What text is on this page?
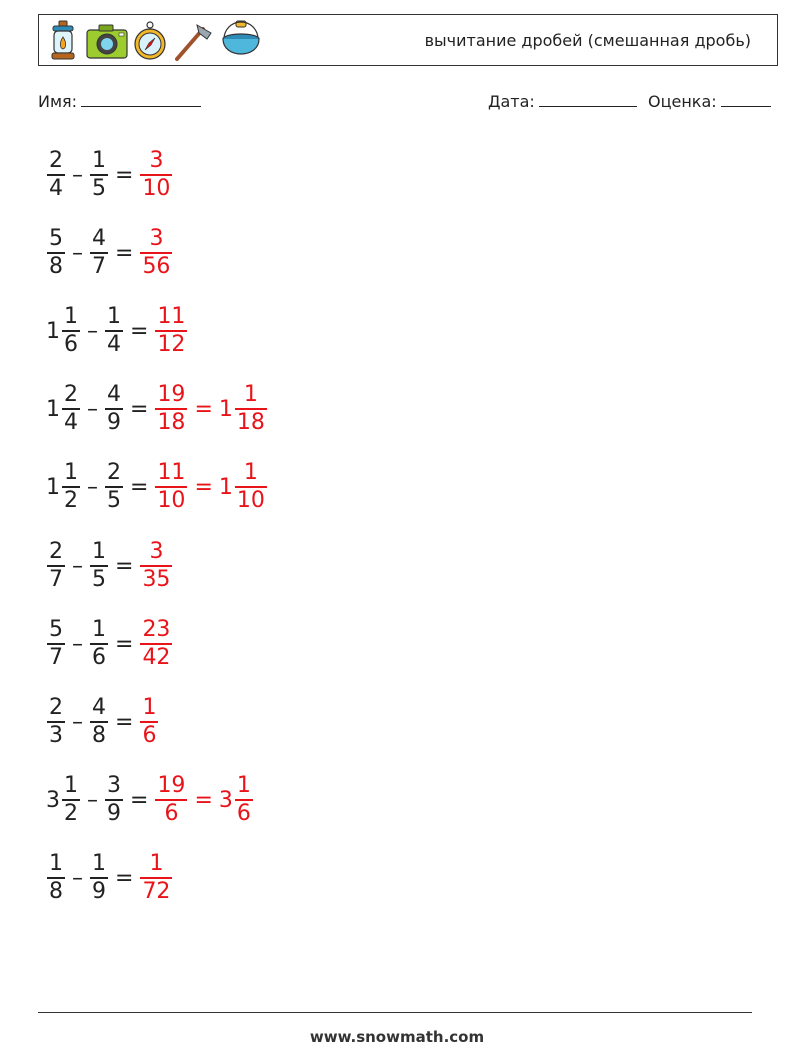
вычитание дробей (смешанная дробь)
Имя:	Дата:	Оценка:
$\frac{2}{4} - \frac{1}{5} = \frac{3}{10}$
$\frac{5}{8} - \frac{4}{7} = \frac{3}{56}$
$1 \frac{1}{6} - \frac{1}{4} = \frac{11}{12}$
$1 \frac{2}{4} - \frac{4}{9} = \frac{19}{18} = 1 \frac{1}{18}$
$1 \frac{1}{2} - \frac{2}{5} = \frac{11}{10} = 1 \frac{1}{10}$
$\frac{2}{7} - \frac{1}{5} = \frac{3}{35}$
$\frac{5}{7} - \frac{1}{6} = \frac{23}{42}$
$\frac{2}{3} - \frac{4}{8} = \frac{1}{6}$
$3 \frac{1}{2} - \frac{3}{9} = \frac{19}{6} = 3 \frac{1}{6}$
$\frac{1}{8} - \frac{1}{9} = \frac{1}{72}$
www.snowmath.com
